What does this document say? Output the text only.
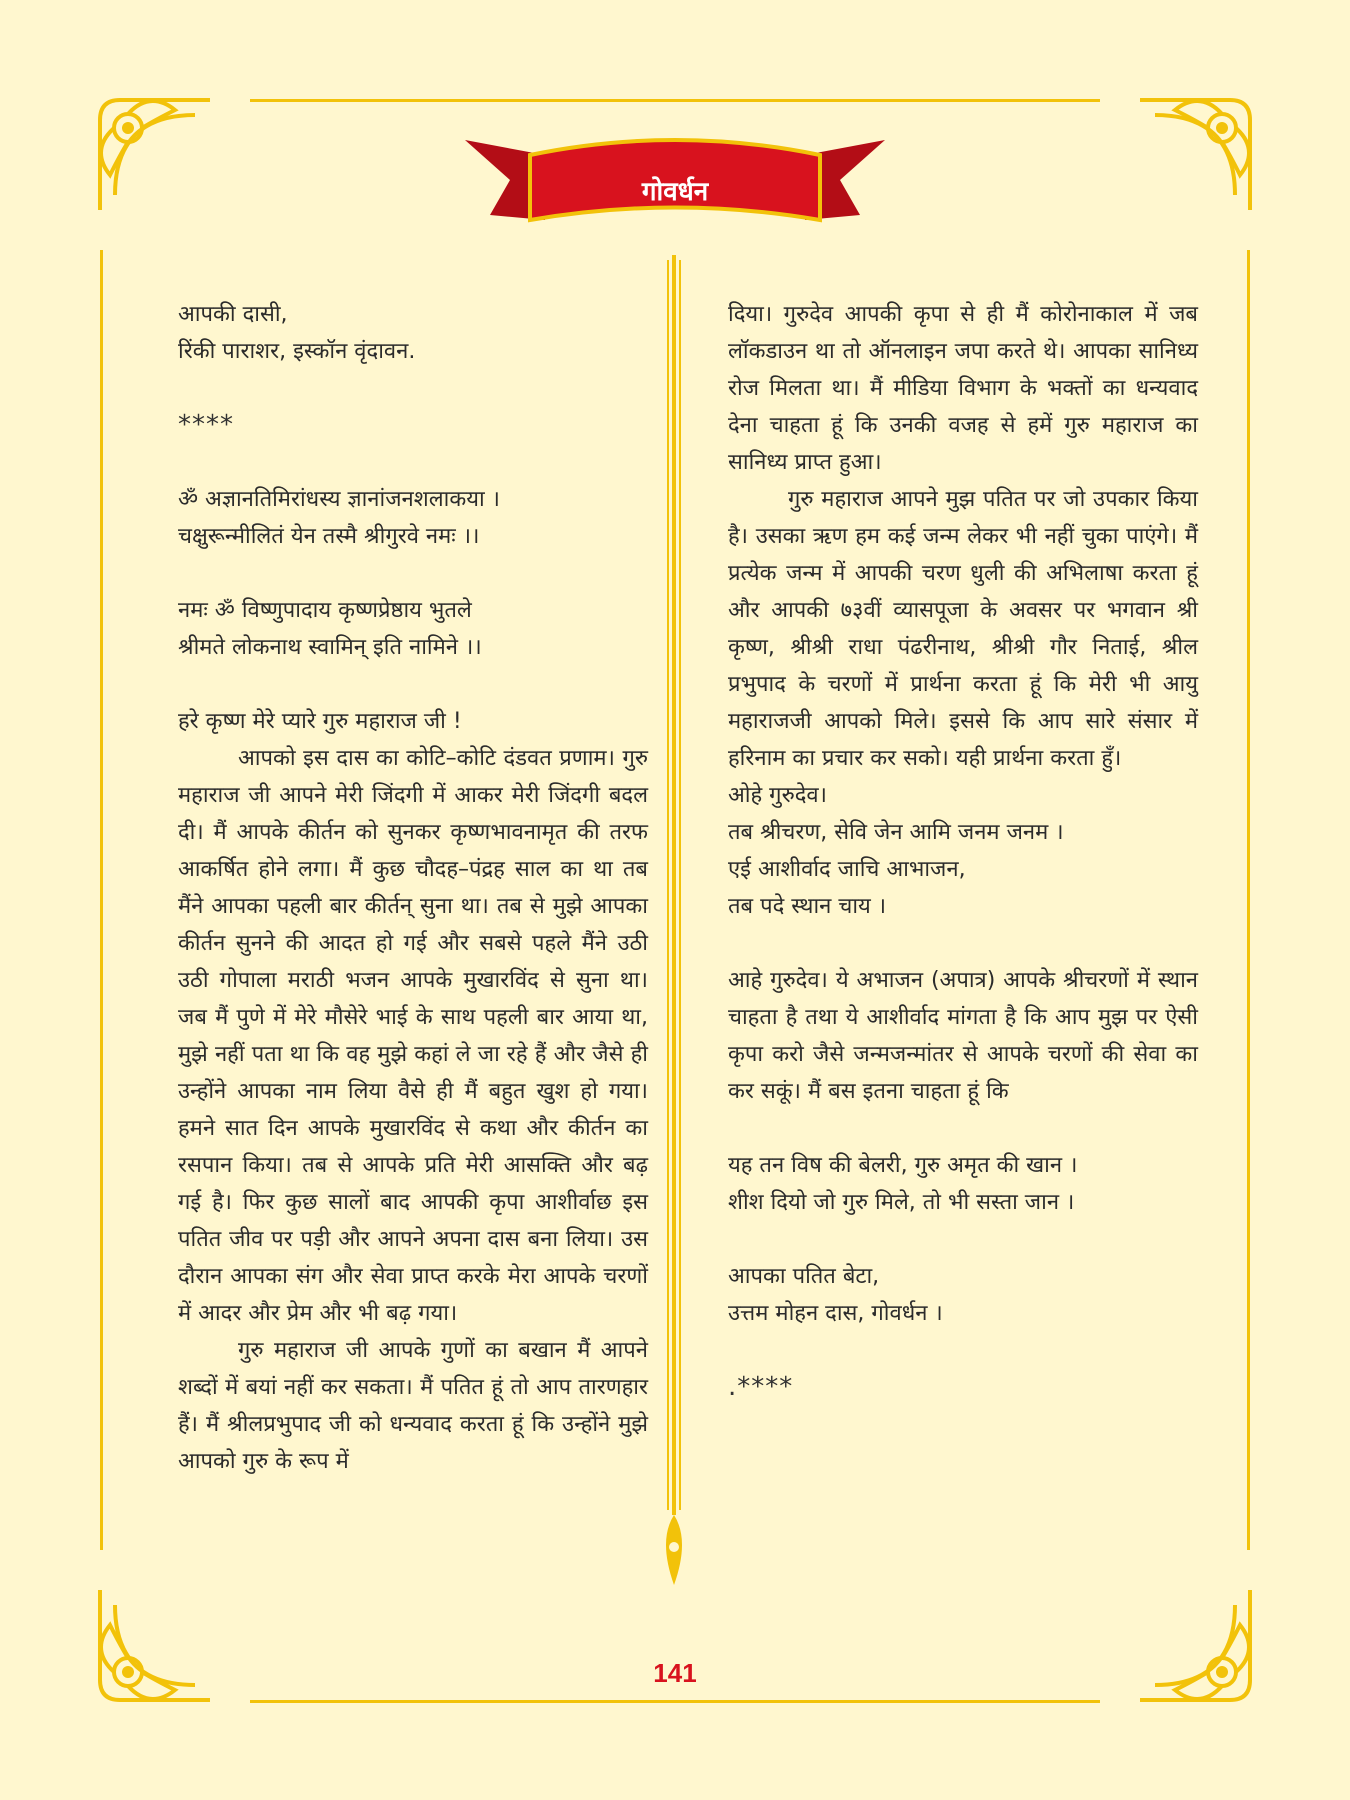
गोवर्धन

आपकी दासी,

रिंकी पाराशर, इस्कॉन वृंदावन.

****

ॐ अज्ञानतिमिरांधस्य ज्ञानांजनशलाकया ।

चक्षुरून्मीलितं येन तस्मै श्रीगुरवे नमः ।।

नमः ॐ विष्णुपादाय कृष्णप्रेष्ठाय भुतले

श्रीमते लोकनाथ स्वामिन् इति नामिने ।।

हरे कृष्ण मेरे प्यारे गुरु महाराज जी !

आपको इस दास का कोटि–कोटि दंडवत प्रणाम। गुरु महाराज जी आपने मेरी जिंदगी में आकर मेरी जिंदगी बदल दी। मैं आपके कीर्तन को सुनकर कृष्णभावनामृत की तरफ आकर्षित होने लगा। मैं कुछ चौदह–पंद्रह साल का था तब मैंने आपका पहली बार कीर्तन् सुना था। तब से मुझे आपका कीर्तन सुनने की आदत हो गई और सबसे पहले मैंने उठी उठी गोपाला मराठी भजन आपके मुखारविंद से सुना था। जब मैं पुणे में मेरे मौसेरे भाई के साथ पहली बार आया था, मुझे नहीं पता था कि वह मुझे कहां ले जा रहे हैं और जैसे ही उन्होंने आपका नाम लिया वैसे ही मैं बहुत खुश हो गया। हमने सात दिन आपके मुखारविंद से कथा और कीर्तन का रसपान किया। तब से आपके प्रति मेरी आसक्ति और बढ़ गई है। फिर कुछ सालों बाद आपकी कृपा आशीर्वाछ इस पतित जीव पर पड़ी और आपने अपना दास बना लिया। उस दौरान आपका संग और सेवा प्राप्त करके मेरा आपके चरणों में आदर और प्रेम और भी बढ़ गया।

गुरु महाराज जी आपके गुणों का बखान मैं आपने शब्दों में बयां नहीं कर सकता। मैं पतित हूं तो आप तारणहार हैं। मैं श्रीलप्रभुपाद जी को धन्यवाद करता हूं कि उन्होंने मुझे आपको गुरु के रूप में

दिया। गुरुदेव आपकी कृपा से ही मैं कोरोनाकाल में जब लॉकडाउन था तो ऑनलाइन जपा करते थे। आपका सानिध्य रोज मिलता था। मैं मीडिया विभाग के भक्तों का धन्यवाद देना चाहता हूं कि उनकी वजह से हमें गुरु महाराज का सानिध्य प्राप्त हुआ।

गुरु महाराज आपने मुझ पतित पर जो उपकार किया है। उसका ऋण हम कई जन्म लेकर भी नहीं चुका पाएंगे। मैं प्रत्येक जन्म में आपकी चरण धुली की अभिलाषा करता हूं और आपकी ७३वीं व्यासपूजा के अवसर पर भगवान श्री कृष्ण, श्रीश्री राधा पंढरीनाथ, श्रीश्री गौर निताई, श्रील प्रभुपाद के चरणों में प्रार्थना करता हूं कि मेरी भी आयु महाराजजी आपको मिले। इससे कि आप सारे संसार में हरिनाम का प्रचार कर सको। यही प्रार्थना करता हुँ।

ओहे गुरुदेव।

तब श्रीचरण, सेवि जेन आमि जनम जनम ।

एई आशीर्वाद जाचि आभाजन,

तब पदे स्थान चाय ।

आहे गुरुदेव। ये अभाजन (अपात्र) आपके श्रीचरणों में स्थान चाहता है तथा ये आशीर्वाद मांगता है कि आप मुझ पर ऐसी कृपा करो जैसे जन्मजन्मांतर से आपके चरणों की सेवा का कर सकूं। मैं बस इतना चाहता हूं कि

यह तन विष की बेलरी, गुरु अमृत की खान ।

शीश दियो जो गुरु मिले, तो भी सस्ता जान ।

आपका पतित बेटा,

उत्तम मोहन दास, गोवर्धन ।

.****

141
